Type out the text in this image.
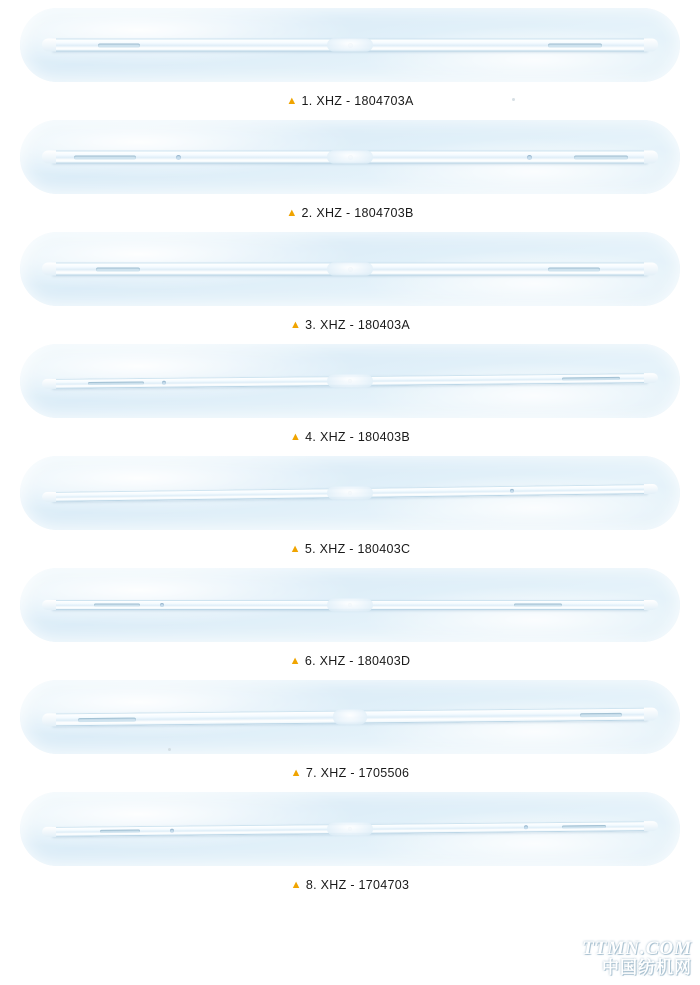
▲ 1. XHZ - 1804703A
▲ 2. XHZ - 1804703B
▲ 3. XHZ - 180403A
▲ 4. XHZ - 180403B
▲ 5. XHZ - 180403C
▲ 6. XHZ - 180403D
▲ 7. XHZ - 1705506
▲ 8. XHZ - 1704703
TTMN.COM
中国纺机网
